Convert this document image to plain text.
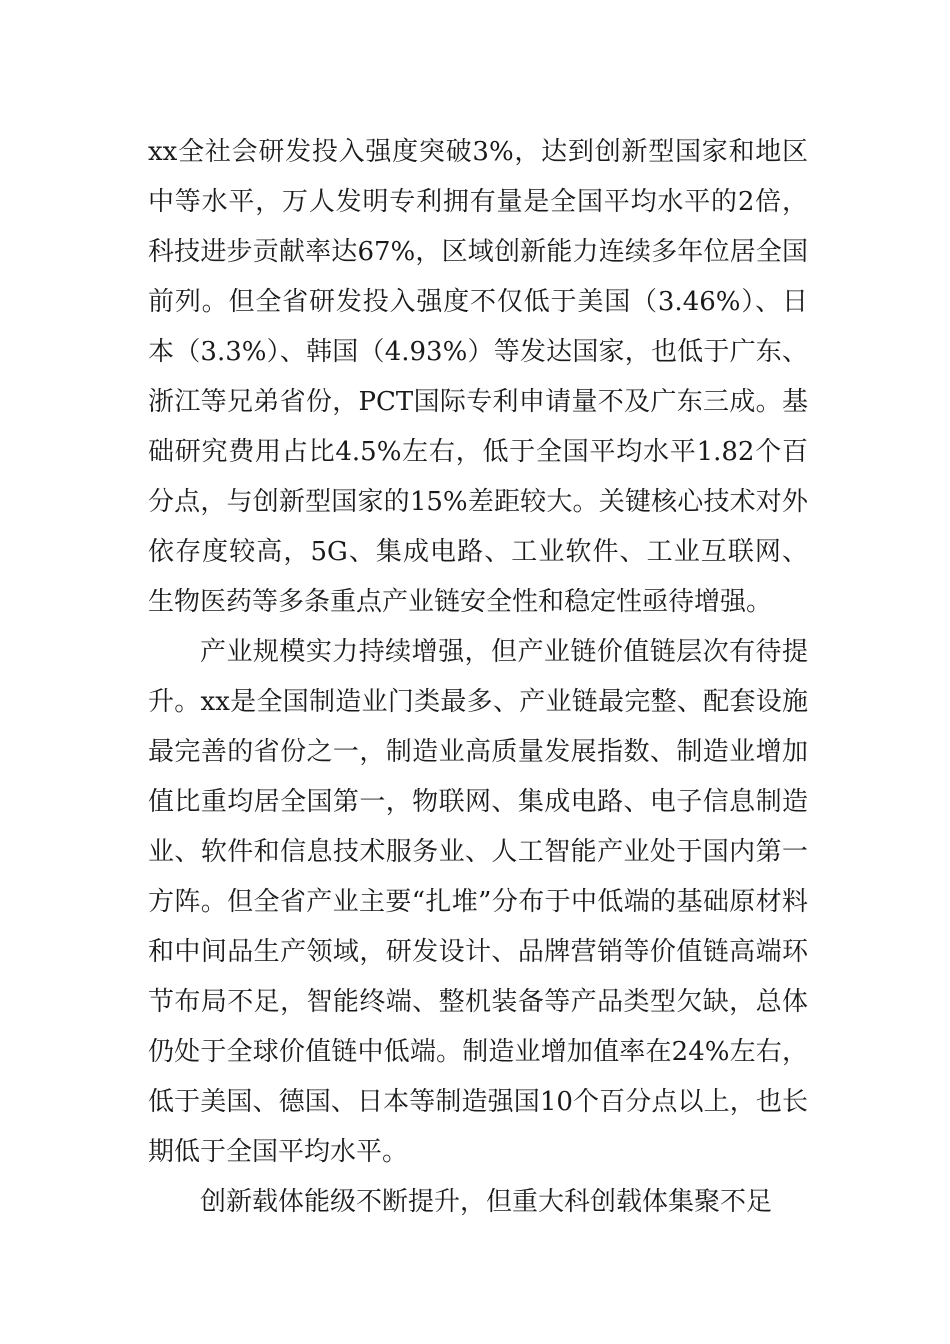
xx全社会研发投入强度突破3%，达到创新型国家和地区中等水平，万人发明专利拥有量是全国平均水平的2倍，科技进步贡献率达67%，区域创新能力连续多年位居全国前列。但全省研发投入强度不仅低于美国（3.46%）、日本（3.3%）、韩国（4.93%）等发达国家，也低于广东、浙江等兄弟省份，PCT国际专利申请量不及广东三成。基础研究费用占比4.5%左右，低于全国平均水平1.82个百分点，与创新型国家的15%差距较大。关键核心技术对外依存度较高，5G、集成电路、工业软件、工业互联网、生物医药等多条重点产业链安全性和稳定性亟待增强。

产业规模实力持续增强，但产业链价值链层次有待提升。xx是全国制造业门类最多、产业链最完整、配套设施最完善的省份之一，制造业高质量发展指数、制造业增加值比重均居全国第一，物联网、集成电路、电子信息制造业、软件和信息技术服务业、人工智能产业处于国内第一方阵。但全省产业主要“扎堆”分布于中低端的基础原材料和中间品生产领域，研发设计、品牌营销等价值链高端环节布局不足，智能终端、整机装备等产品类型欠缺，总体仍处于全球价值链中低端。制造业增加值率在24%左右，低于美国、德国、日本等制造强国10个百分点以上，也长期低于全国平均水平。

创新载体能级不断提升，但重大科创载体集聚不足
